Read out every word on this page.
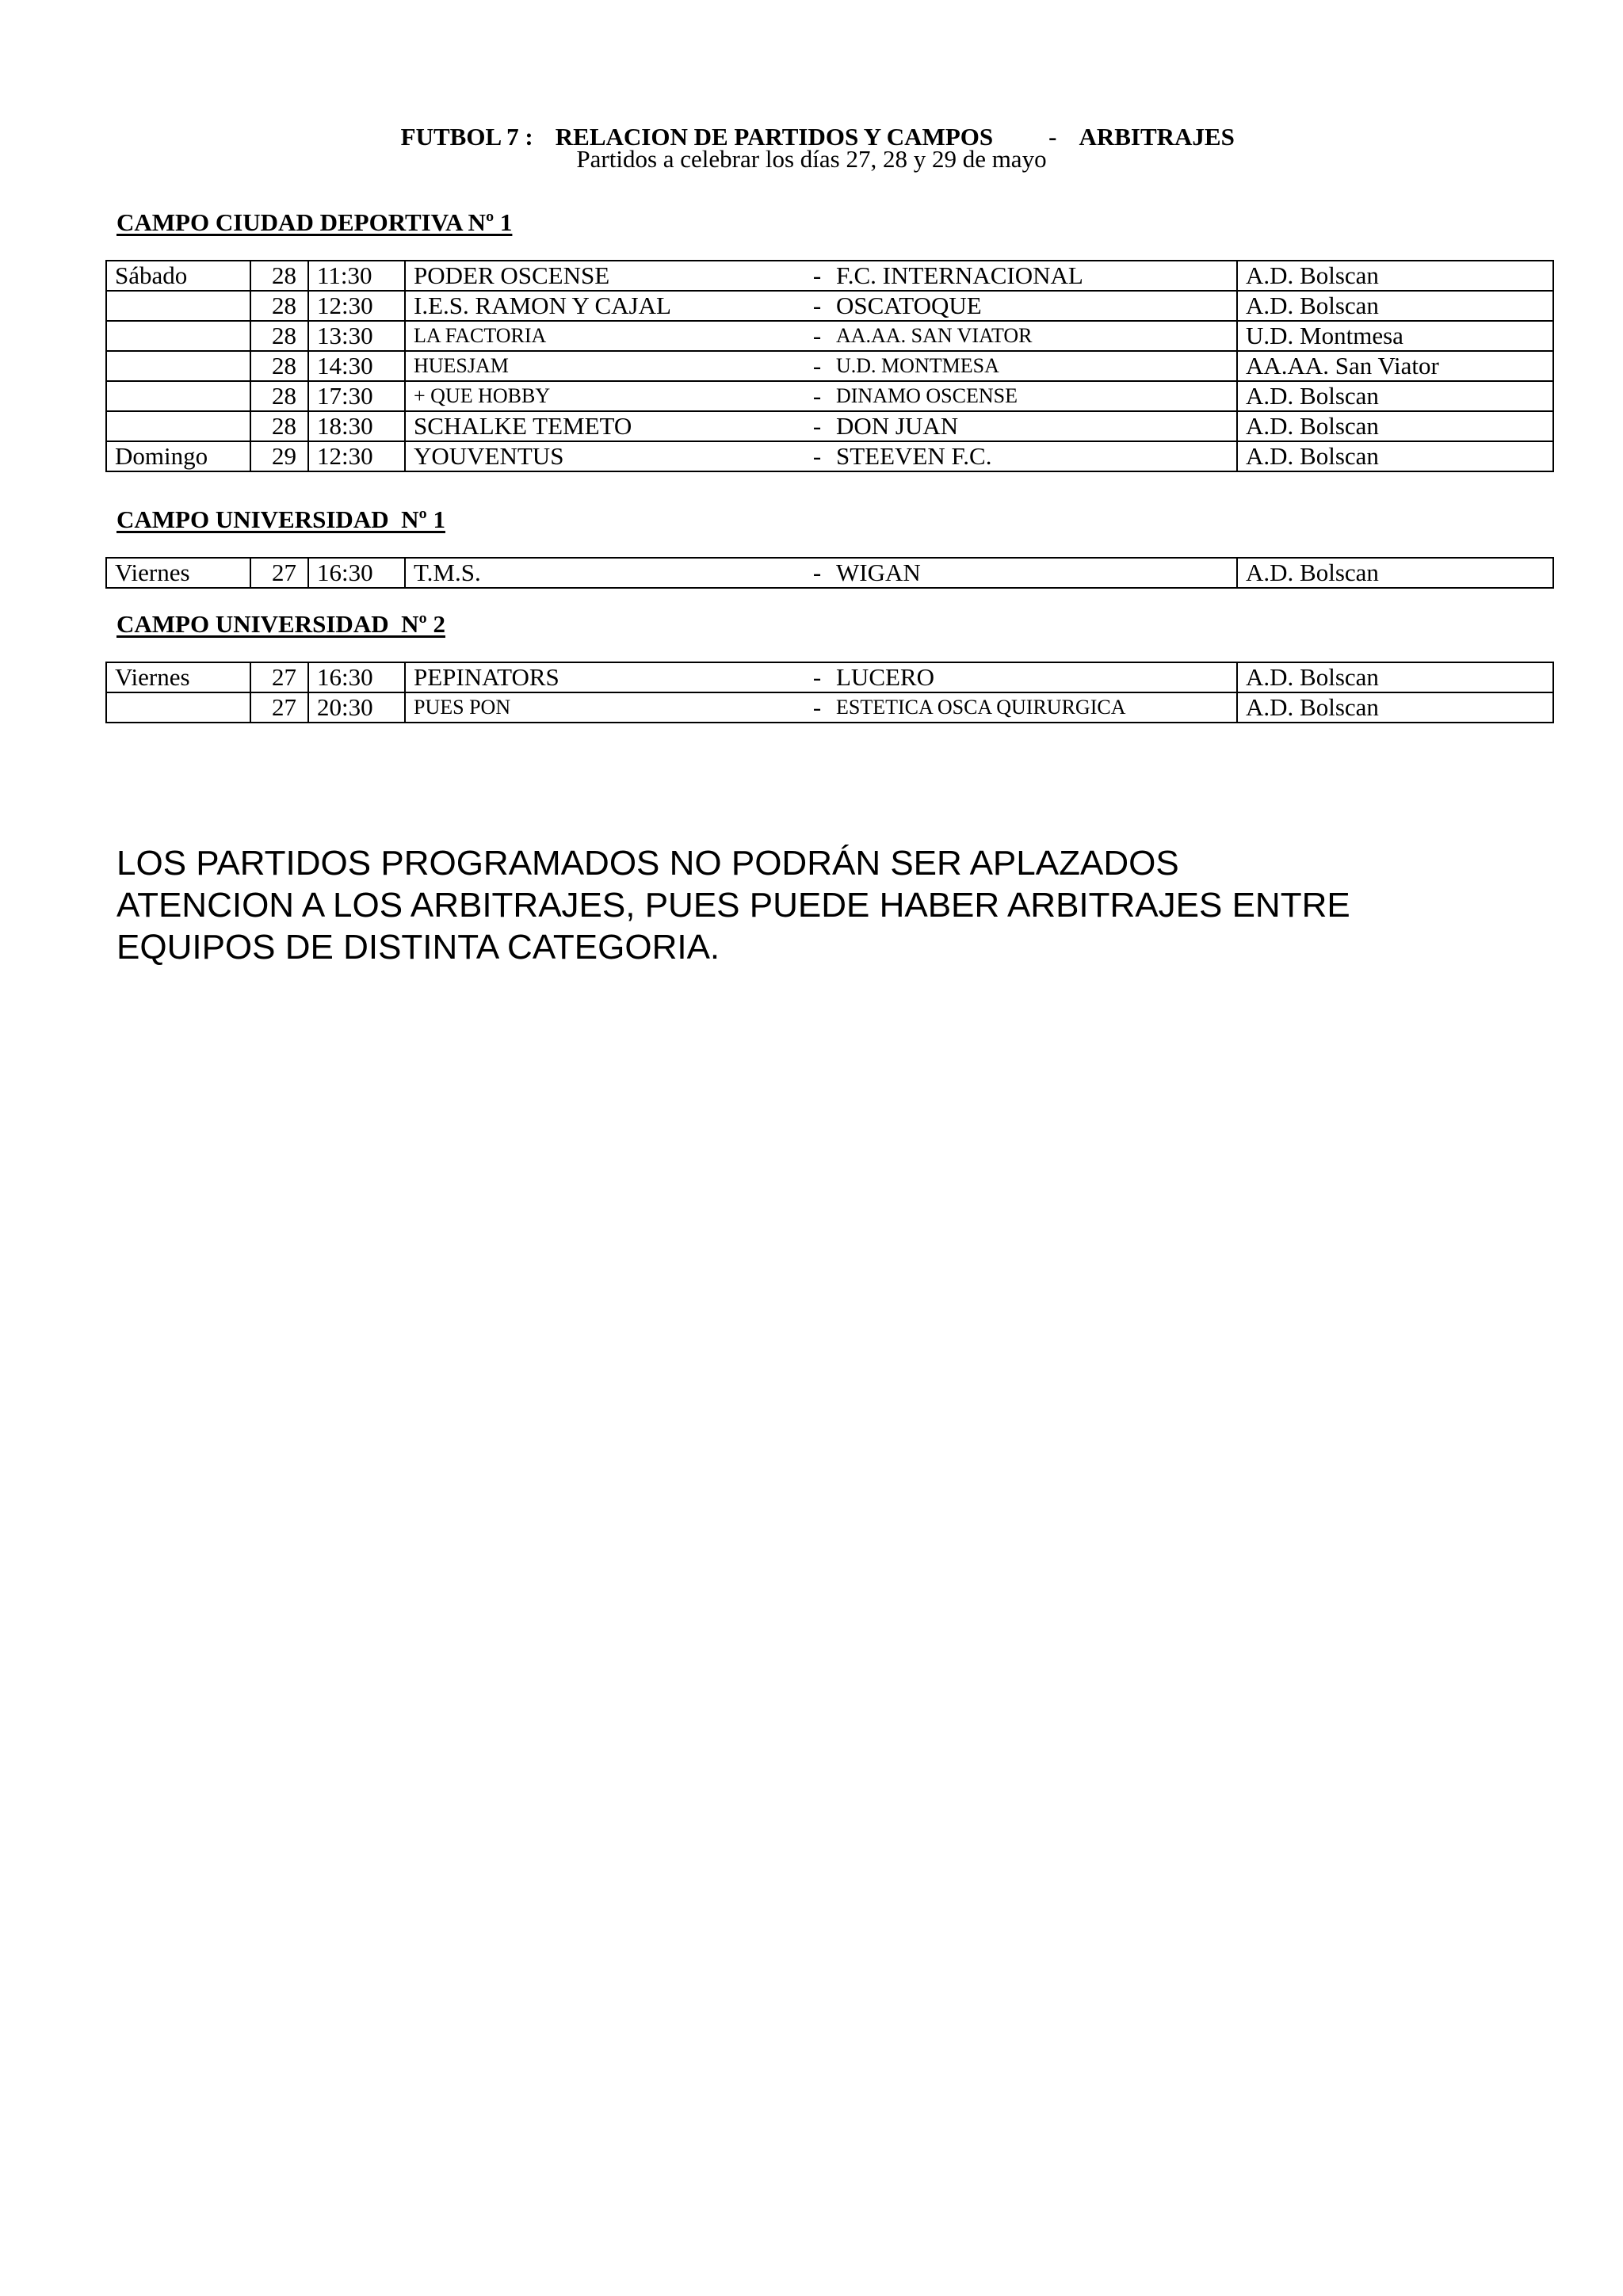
FUTBOL 7 : RELACION DE PARTIDOS Y CAMPOS - ARBITRAJES

Partidos a celebrar los días 27, 28 y 29 de mayo
CAMPO CIUDAD DEPORTIVA Nº 1
Sábado	28	11:30	PODER OSCENSE	-	F.C. INTERNACIONAL	A.D. Bolscan
	28	12:30	I.E.S. RAMON Y CAJAL	-	OSCATOQUE	A.D. Bolscan
	28	13:30	LA FACTORIA	-	AA.AA. SAN VIATOR	U.D. Montmesa
	28	14:30	HUESJAM	-	U.D. MONTMESA	AA.AA. San Viator
	28	17:30	+ QUE HOBBY	-	DINAMO OSCENSE	A.D. Bolscan
	28	18:30	SCHALKE TEMETO	-	DON JUAN	A.D. Bolscan
Domingo	29	12:30	YOUVENTUS	-	STEEVEN F.C.	A.D. Bolscan
CAMPO UNIVERSIDAD  Nº 1
Viernes	27	16:30	T.M.S.	-	WIGAN	A.D. Bolscan
CAMPO UNIVERSIDAD  Nº 2
Viernes	27	16:30	PEPINATORS	-	LUCERO	A.D. Bolscan
	27	20:30	PUES PON	-	ESTETICA OSCA QUIRURGICA	A.D. Bolscan
LOS PARTIDOS PROGRAMADOS NO PODRÁN SER APLAZADOS
ATENCION A LOS ARBITRAJES, PUES PUEDE HABER ARBITRAJES ENTRE
EQUIPOS DE DISTINTA CATEGORIA.
